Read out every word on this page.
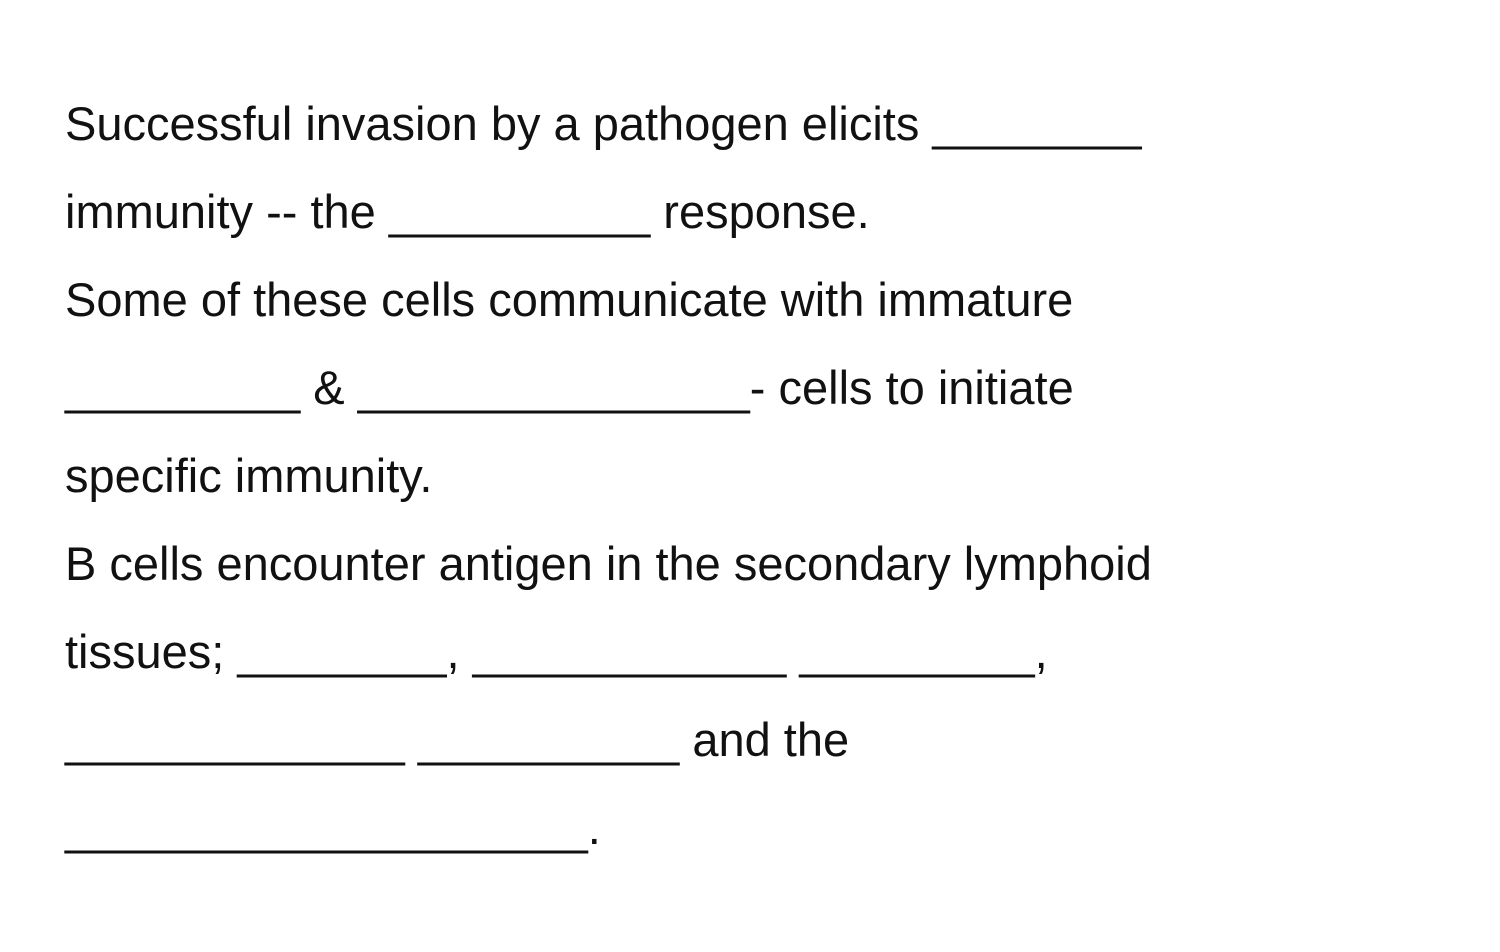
Successful invasion by a pathogen elicits ________
immunity -- the __________ response.
Some of these cells communicate with immature
_________ & _______________- cells to initiate
specific immunity.
B cells encounter antigen in the secondary lymphoid
tissues; ________, ____________ _________,
_____________ __________ and the
____________________.
